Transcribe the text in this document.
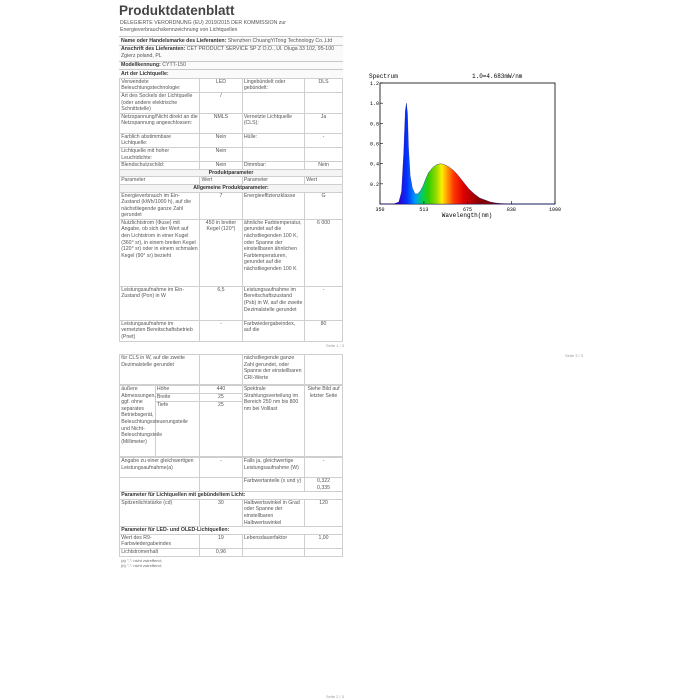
Produktdatenblatt
DELEGIERTE VERORDNUNG (EU) 2019/2015 DER KOMMISSION zur Energieverbrauchskennzeichnung von Lichtquellen
Name oder Handelsmarke des Lieferanten: Shenzhen ChuangYiTong Technology Co.,Ltd
Anschrift des Lieferanten: CET PRODUCT SERVICE SP Z O.O., Ul. Dluga 33 102, 95-100 Zgierz poland, PL
Modellkennung: CYTT-150
Art der Lichtquelle:
Verwendete Beleuchtungstechnologie:	LED	Lingebündelt oder gebündelt:	DLS
Art des Sockels der Lichtquelle (oder andere elektrische Schnittstelle)	/		
Netzspannung/Nicht direkt an die Netzspannung angeschlossen:	NMLS	Vernetzte Lichtquelle (CLS):	Ja
Farblich abstimmbare Lichtquelle:	Nein	Hülle:	-
Lichtquelle mit hoher Leuchtdichte:	Nein		
Blendschutzschild:	Nein	Dimmbar:	Nein
Produktparameter			
Parameter	Wert	Parameter	Wert
Allgemeine Produktparameter:			
Energieverbrauch im Ein-Zustand (kWh/1000 h), auf die nächstliegende ganze Zahl gerundet	7	Energieeffizienzklasse	G
Nutzlichtstrom (Φuse) mit Angabe, ob sich der Wert auf den Lichtstrom in einer Kugel (360° sr), in einem breiten Kegel (120° sr) oder in einem schmalen Kegel (90° sr) bezieht	450 in breiter Kegel (120°)	ähnliche Farbtemperatur, gerundet auf die nächstliegenden 100 K, oder Spanne der einstellbaren ähnlichen Farbtemperaturen, gerundet auf die nächstliegenden 100 K	6 000
Leistungsaufnahme im Ein-Zustand (Pon) in W	6,5	Leistungsaufnahme im Bereitschaftszustand (Psb) in W, auf die zweite Dezimalstelle gerundet	-
Leistungsaufnahme im vernetzten Bereitschaftsbetrieb (Pnet)	-	Farbwiedergabeindex, auf die	80
Seite 1 / 3
für CLS in W, auf die zweite Dezimalstelle gerundet		nächstliegende ganze Zahl gerundet, oder Spanne der einstellbaren CRI-Werte	
äußere Abmessungen, ggf. ohne separates Betriebsgerät, Beleuchtungssteuerungsteile und Nicht-Beleuchtungsteile (Millimeter)	Höhe	440	Spektrale Strahlungsverteilung im Bereich 250 nm bis 800 nm bei Volllast	Siehe Bild auf letzter Seite
	Breite	25		
	Tiefe	25		
Angabe zu einer gleichwertigen Leistungsaufnahme(a)	-	Falls ja, gleichwertige Leistungsaufnahme (W)	-
		Farbwertanteile (x und y)	0,322
0,335
Parameter für Lichtquellen mit gebündeltem Licht:			
Spitzenlichtstärke (cd)	30	Halbwertswinkel in Grad oder Spanne der einstellbaren Halbwertswinkel	120
Parameter für LED- und OLED-Lichtquellen:			
Wert des R9-Farbwiedergabeindex	19	Lebensdauerfaktor	1,00
Lichtstromerhalt	0,96		
(a) "-": nicht zutreffend;
(b) "-": nicht zutreffend;
Seite 2 / 3
Spectrum	1.0=4.683mW/nm
0.2
0.4
0.6
0.8
1.0
1.2
350	513	675	838	1000
Wavelength(nm)
Seite 3 / 3
